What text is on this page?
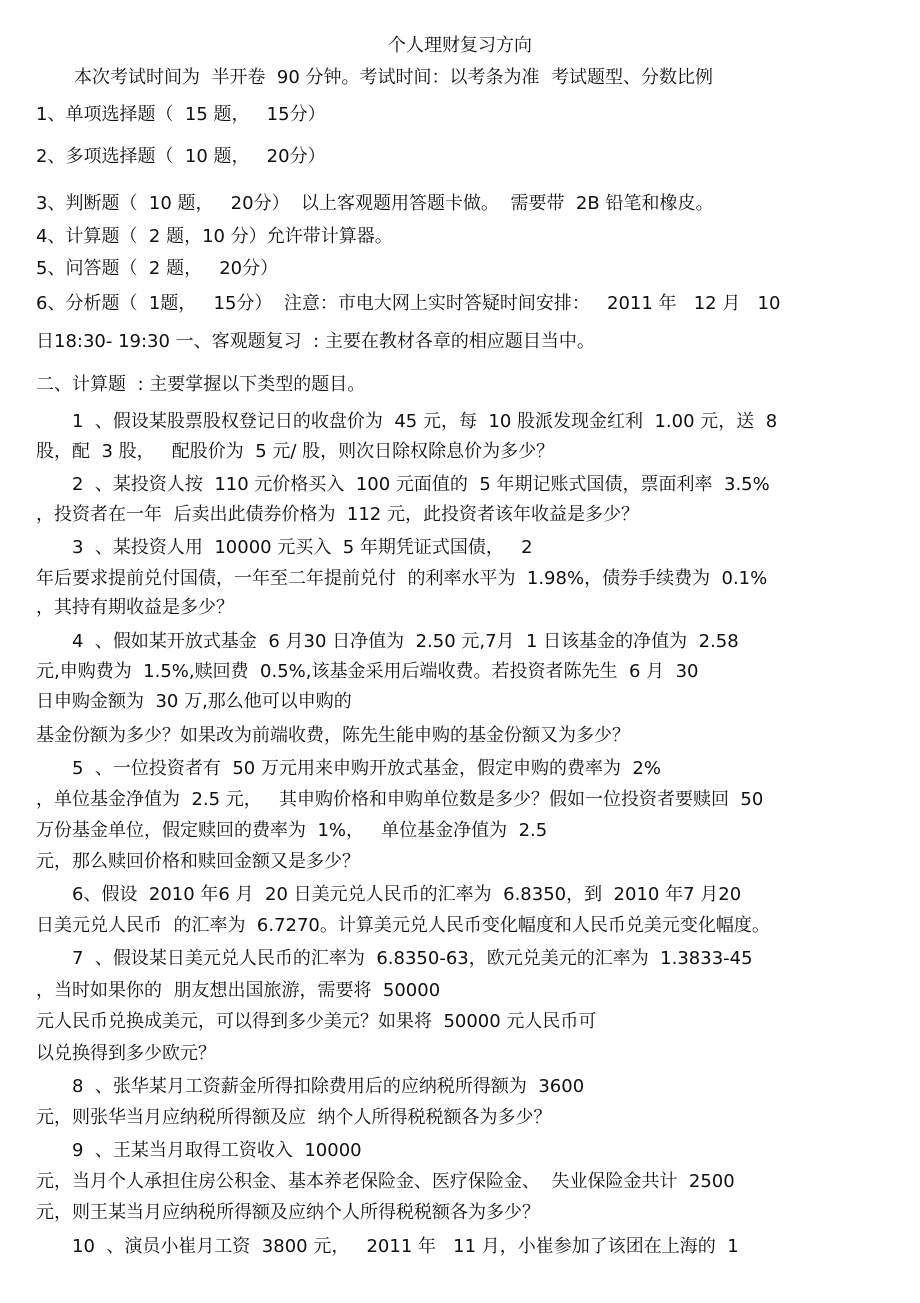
个人理财复习方向
本次考试时间为  半开卷  90 分钟。考试时间：以考条为准  考试题型、分数比例
1、单项选择题（  15 题，   15分）
2、多项选择题（  10 题，   20分）
3、判断题（  10 题，   20分）  以上客观题用答题卡做。  需要带  2B 铅笔和橡皮。
4、计算题（  2 题，10 分）允许带计算器。
5、问答题（  2 题，   20分）
6、分析题（  1题，   15分）  注意：市电大网上实时答疑时间安排：   2011 年   12 月   10
日18:30- 19:30 一、客观题复习  : 主要在教材各章的相应题目当中。
二、计算题  : 主要掌握以下类型的题目。
1  、假设某股票股权登记日的收盘价为  45 元，每  10 股派发现金红利  1.00 元，送  8
股，配  3 股，   配股价为  5 元/ 股，则次日除权除息价为多少？
2  、某投资人按  110 元价格买入  100 元面值的  5 年期记账式国债，票面利率  3.5%
，投资者在一年  后卖出此债券价格为  112 元，此投资者该年收益是多少？
3  、某投资人用  10000 元买入  5 年期凭证式国债，   2
年后要求提前兑付国债，一年至二年提前兑付  的利率水平为  1.98%，债券手续费为  0.1%
，其持有期收益是多少？
4  、假如某开放式基金  6 月30 日净值为  2.50 元,7月  1 日该基金的净值为  2.58
元,申购费为  1.5%,赎回费  0.5%,该基金采用后端收费。若投资者陈先生  6 月  30
日申购金额为  30 万,那么他可以申购的
基金份额为多少？如果改为前端收费，陈先生能申购的基金份额又为多少？
5  、一位投资者有  50 万元用来申购开放式基金，假定申购的费率为  2%
，单位基金净值为  2.5 元，   其申购价格和申购单位数是多少？假如一位投资者要赎回  50
万份基金单位，假定赎回的费率为  1%，   单位基金净值为  2.5
元，那么赎回价格和赎回金额又是多少？
6、假设  2010 年6 月  20 日美元兑人民币的汇率为  6.8350，到  2010 年7 月20
日美元兑人民币  的汇率为  6.7270。计算美元兑人民币变化幅度和人民币兑美元变化幅度。
7  、假设某日美元兑人民币的汇率为  6.8350-63，欧元兑美元的汇率为  1.3833-45
，当时如果你的  朋友想出国旅游，需要将  50000
元人民币兑换成美元，可以得到多少美元？如果将  50000 元人民币可
以兑换得到多少欧元？
8  、张华某月工资薪金所得扣除费用后的应纳税所得额为  3600
元，则张华当月应纳税所得额及应  纳个人所得税税额各为多少？
9  、王某当月取得工资收入  10000
元，当月个人承担住房公积金、基本养老保险金、医疗保险金、  失业保险金共计  2500
元，则王某当月应纳税所得额及应纳个人所得税税额各为多少？
10  、演员小崔月工资  3800 元，   2011 年   11 月，小崔参加了该团在上海的  1
